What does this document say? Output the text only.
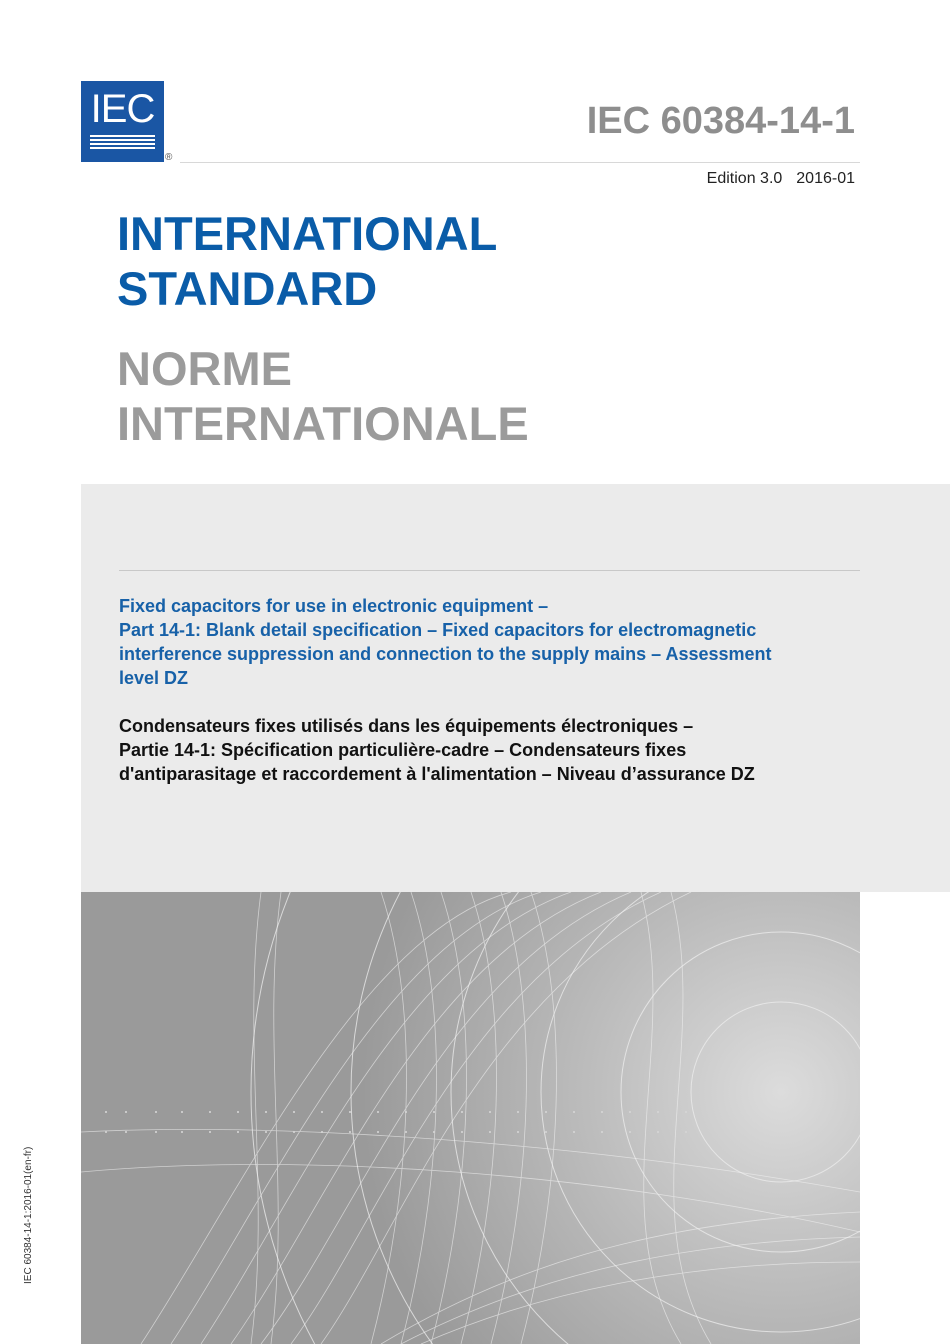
IEC
®
IEC 60384-14-1
Edition 3.0 2016-01
INTERNATIONAL
STANDARD
NORME
INTERNATIONALE
Fixed capacitors for use in electronic equipment –
Part 14-1: Blank detail specification – Fixed capacitors for electromagnetic
interference suppression and connection to the supply mains – Assessment
level DZ
Condensateurs fixes utilisés dans les équipements électroniques –
Partie 14-1: Spécification particulière-cadre – Condensateurs fixes
d'antiparasitage et raccordement à l'alimentation – Niveau d’assurance DZ
IEC 60384-14-1:2016-01(en-fr)
